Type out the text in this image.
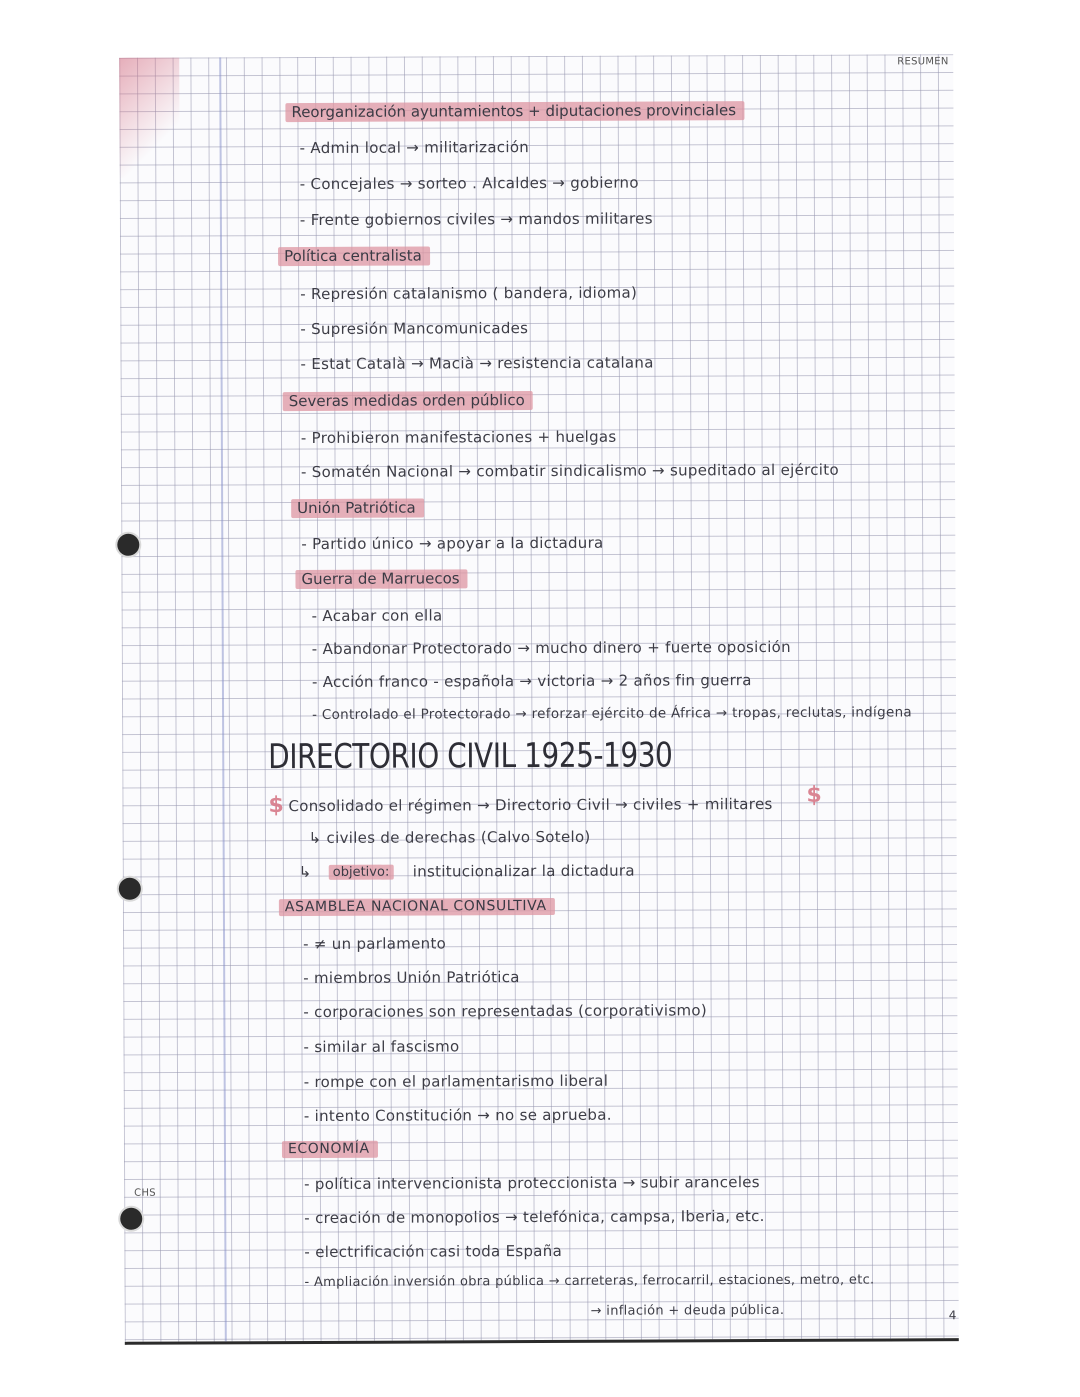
RESUMEN
CHS
4
Reorganización ayuntamientos + diputaciones provinciales
- Admin local → militarización
- Concejales → sorteo . Alcaldes → gobierno
- Frente gobiernos civiles → mandos militares
Política centralista
- Represión catalanismo ( bandera, idioma)
- Supresión Mancomunicades
- Estat Català → Macià → resistencia catalana
Severas medidas orden público
- Prohibieron manifestaciones + huelgas
- Somatén Nacional → combatir sindicalismo → supeditado al ejército
Unión Patriótica
- Partido único → apoyar a la dictadura
Guerra de Marruecos
- Acabar con ella
- Abandonar Protectorado → mucho dinero + fuerte oposición
- Acción franco - española → victoria → 2 años fin guerra
- Controlado el Protectorado → reforzar ejército de África → tropas, reclutas, indígena
DIRECTORIO CIVIL 1925-1930
$	$
Consolidado el régimen → Directorio Civil → civiles + militares
↳ civiles de derechas (Calvo Sotelo)
↳	objetivo: institucionalizar la dictadura
ASAMBLEA NACIONAL CONSULTIVA
- ≠ un parlamento
- miembros Unión Patriótica
- corporaciones son representadas (corporativismo)
- similar al fascismo
- rompe con el parlamentarismo liberal
- intento Constitución → no se aprueba.
ECONOMÍA
- política intervencionista proteccionista → subir aranceles
- creación de monopolios → telefónica, campsa, Iberia, etc.
- electrificación casi toda España
- Ampliación inversión obra pública → carreteras, ferrocarril, estaciones, metro, etc.
→ inflación + deuda pública.
